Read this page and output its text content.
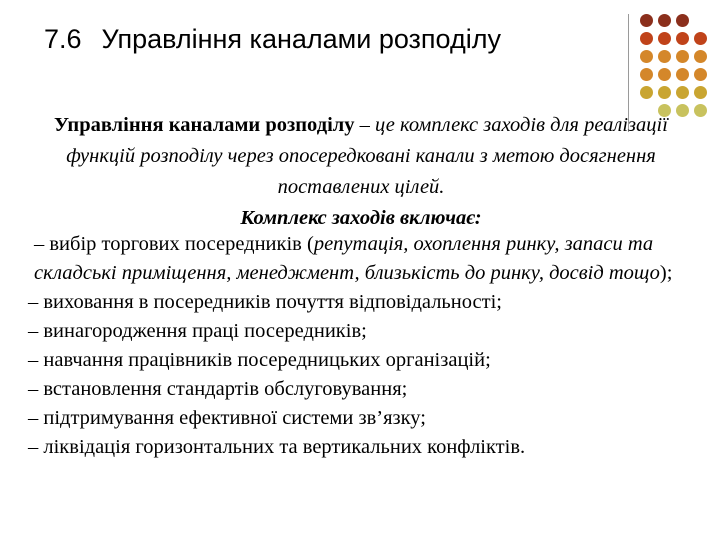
7.6 Управління каналами розподілу
Управління каналами розподілу – це комплекс заходів для реалізації функцій розподілу через опосередковані канали з метою досягнення поставлених цілей.
Комплекс заходів включає:
– вибір торгових посередників (репутація, охоплення ринку, запаси та складські приміщення, менеджмент, близькість до ринку, досвід тощо);
– виховання в посередників почуття відповідальності;
– винагородження праці посередників;
– навчання працівників посередницьких організацій;
– встановлення стандартів обслуговування;
– підтримування ефективної системи зв’язку;
– ліквідація горизонтальних та вертикальних конфліктів.
